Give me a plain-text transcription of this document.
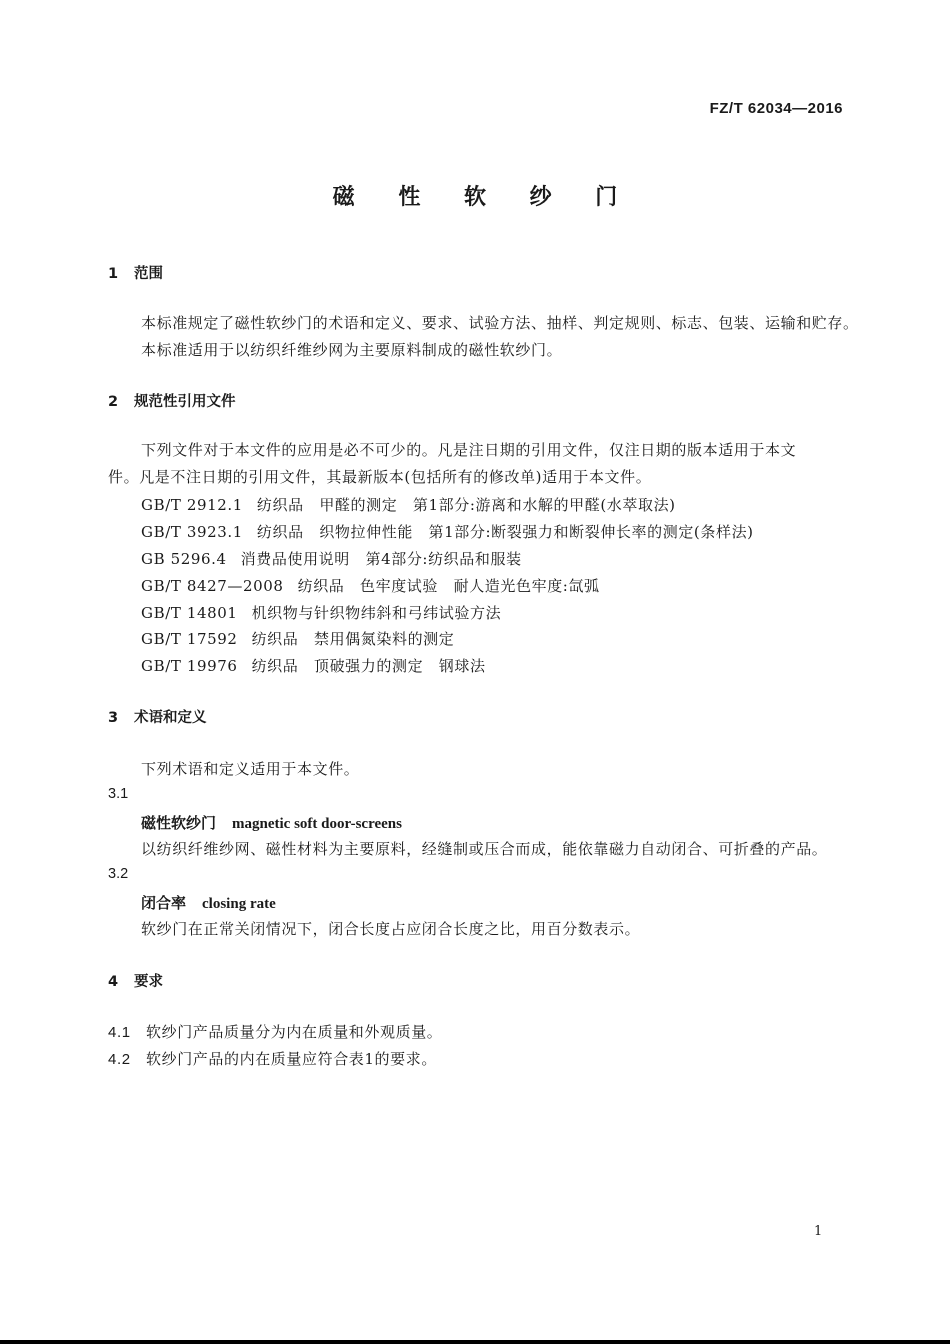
FZ/T 62034—2016
磁 性 软 纱 门
1 范围
本标准规定了磁性软纱门的术语和定义、要求、试验方法、抽样、判定规则、标志、包装、运输和贮存。
本标准适用于以纺织纤维纱网为主要原料制成的磁性软纱门。
2 规范性引用文件
下列文件对于本文件的应用是必不可少的。凡是注日期的引用文件，仅注日期的版本适用于本文件。凡是不注日期的引用文件，其最新版本(包括所有的修改单)适用于本文件。
GB/T 2912.1 纺织品　甲醛的测定　第1部分:游离和水解的甲醛(水萃取法)
GB/T 3923.1 纺织品　织物拉伸性能　第1部分:断裂强力和断裂伸长率的测定(条样法)
GB 5296.4 消费品使用说明　第4部分:纺织品和服装
GB/T 8427—2008 纺织品　色牢度试验　耐人造光色牢度:氙弧
GB/T 14801 机织物与针织物纬斜和弓纬试验方法
GB/T 17592 纺织品　禁用偶氮染料的测定
GB/T 19976 纺织品　顶破强力的测定　钢球法
3 术语和定义
下列术语和定义适用于本文件。
3.1
磁性软纱门 magnetic soft door-screens
以纺织纤维纱网、磁性材料为主要原料，经缝制或压合而成，能依靠磁力自动闭合、可折叠的产品。
3.2
闭合率 closing rate
软纱门在正常关闭情况下，闭合长度占应闭合长度之比，用百分数表示。
4 要求
4.1 软纱门产品质量分为内在质量和外观质量。
4.2 软纱门产品的内在质量应符合表1的要求。
1
